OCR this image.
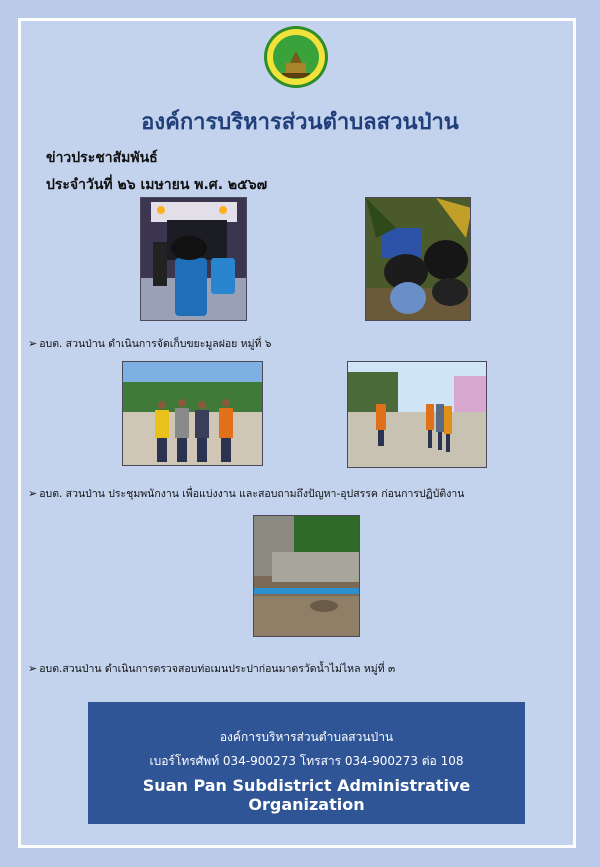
องค์การบริหารส่วนตำบลสวนป่าน
ข่าวประชาสัมพันธ์
ประจำวันที่ ๒๖ เมษายน พ.ศ. ๒๕๖๗
➢ อบต. สวนป่าน ดำเนินการจัดเก็บขยะมูลฝอย หมู่ที่ ๖
➢ อบต. สวนป่าน ประชุมพนักงาน เพื่อแบ่งงาน และสอบถามถึงปัญหา-อุปสรรค ก่อนการปฏิบัติงาน
➢ อบต.สวนป่าน ดำเนินการตรวจสอบท่อเมนประปาก่อนมาตรวัดน้ำไม่ไหล หมู่ที่ ๓
องค์การบริหารส่วนตำบลสวนป่าน
เบอร์โทรศัพท์ 034-900273 โทรสาร 034-900273 ต่อ 108
Suan Pan Subdistrict Administrative Organization
